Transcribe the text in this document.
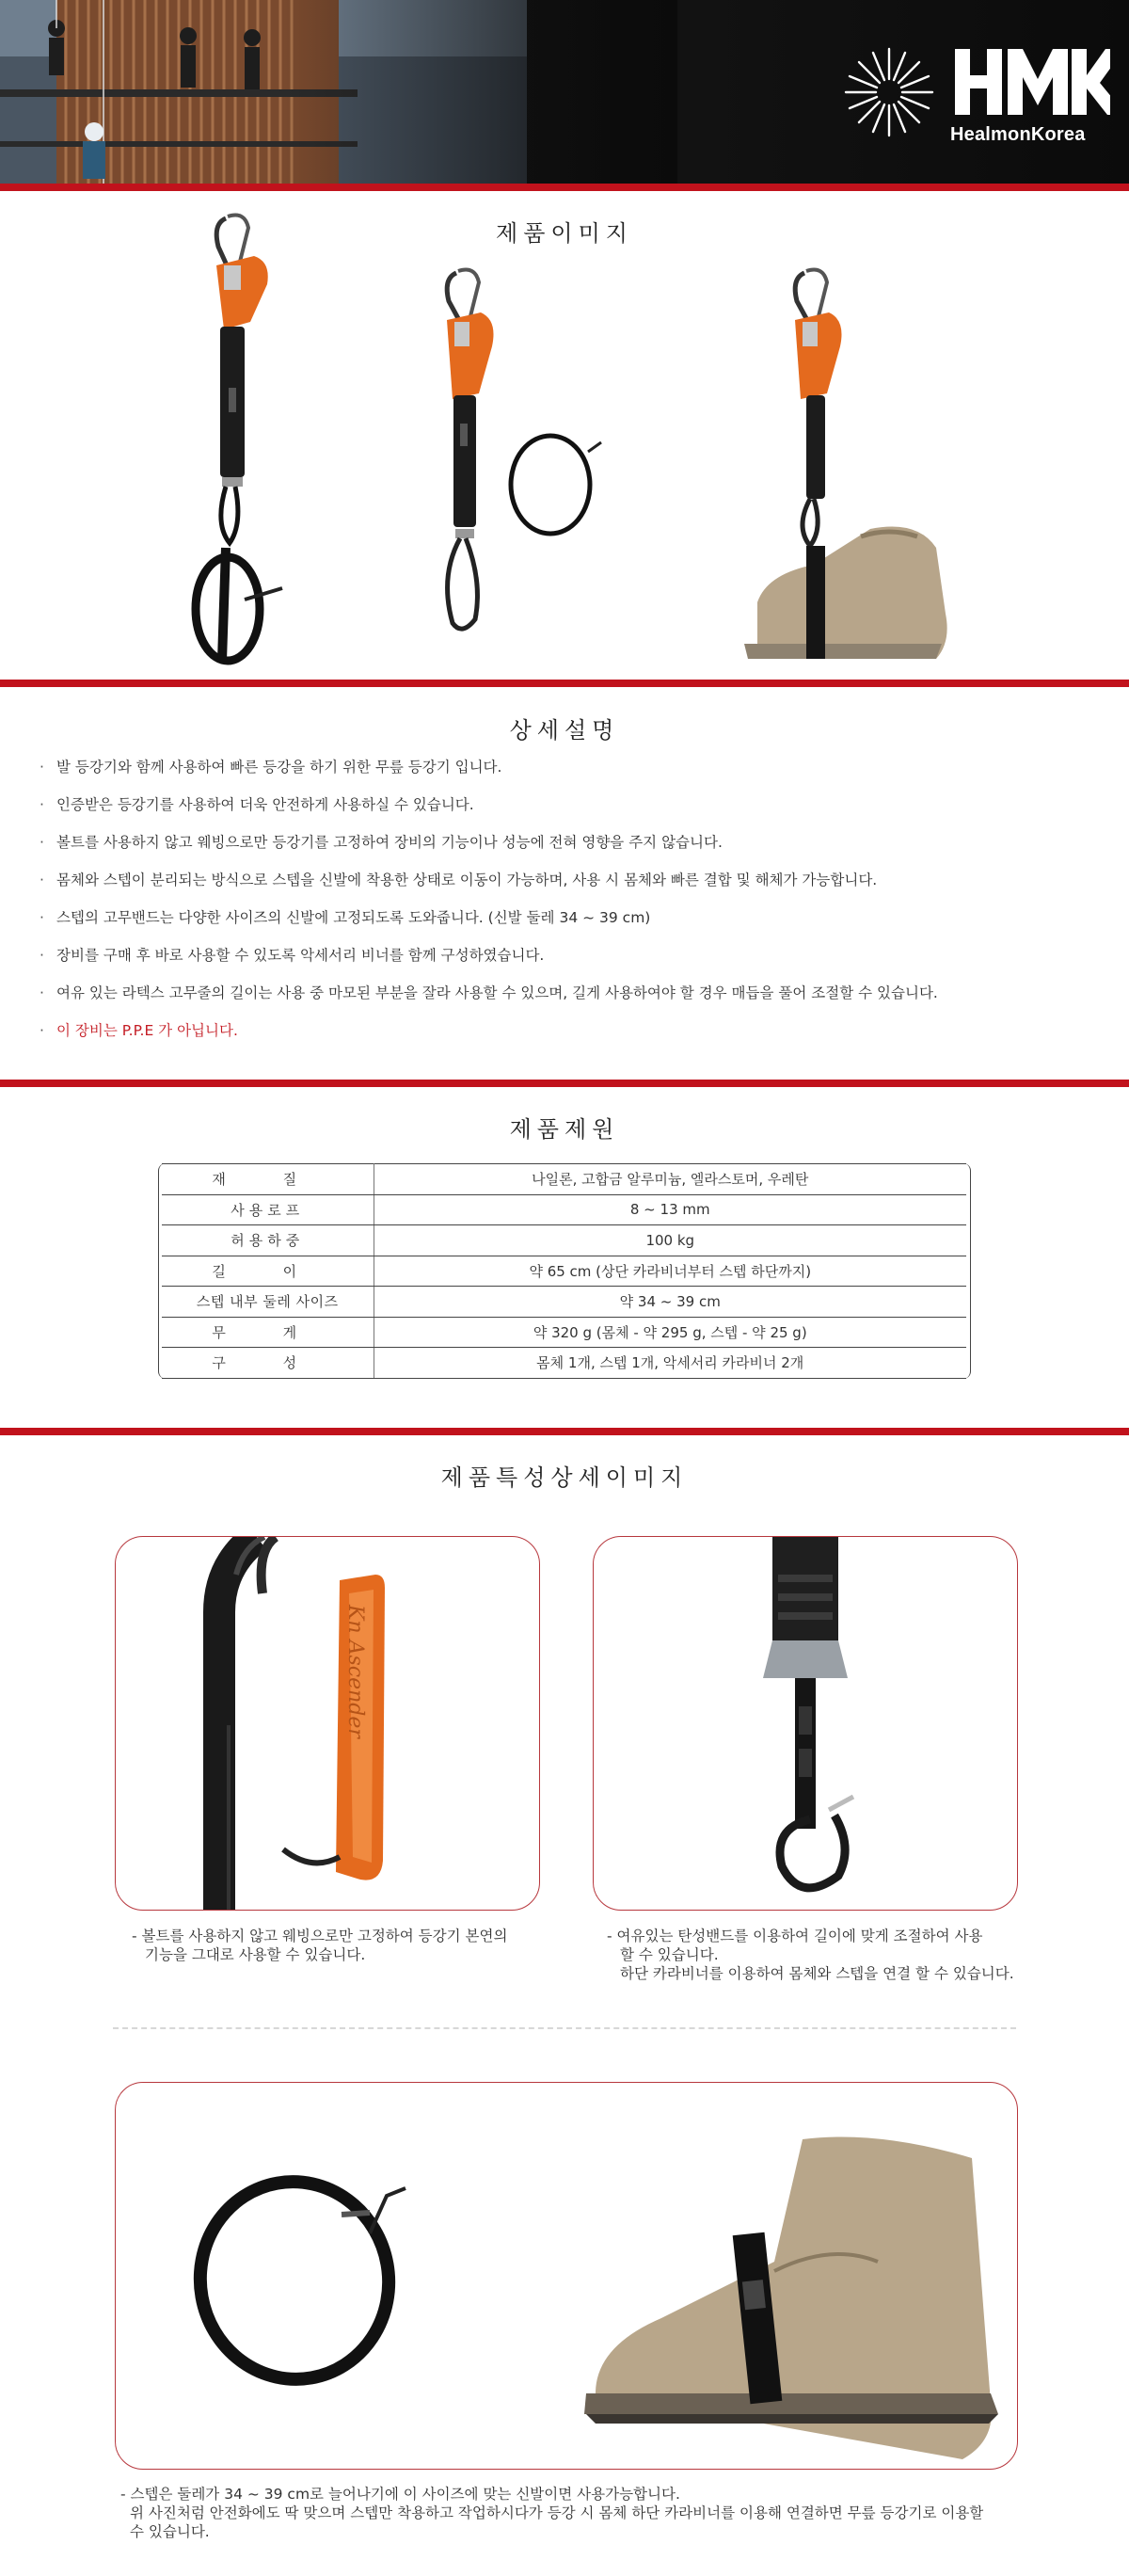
HealmonKorea
제품이미지
상세설명
· 발 등강기와 함께 사용하여 빠른 등강을 하기 위한 무릎 등강기 입니다.
· 인증받은 등강기를 사용하여 더욱 안전하게 사용하실 수 있습니다.
· 볼트를 사용하지 않고 웨빙으로만 등강기를 고정하여 장비의 기능이나 성능에 전혀 영향을 주지 않습니다.
· 몸체와 스텝이 분리되는 방식으로 스텝을 신발에 착용한 상태로 이동이 가능하며, 사용 시 몸체와 빠른 결합 및 해체가 가능합니다.
· 스텝의 고무밴드는 다양한 사이즈의 신발에 고정되도록 도와줍니다. (신발 둘레 34 ~ 39 cm)
· 장비를 구매 후 바로 사용할 수 있도록 악세서리 비너를 함께 구성하였습니다.
· 여유 있는 라텍스 고무줄의 길이는 사용 중 마모된 부분을 잘라 사용할 수 있으며, 길게 사용하여야 할 경우 매듭을 풀어 조절할 수 있습니다.
· 이 장비는 P.P.E 가 아닙니다.
제품제원
재 질	나일론, 고합금 알루미늄, 엘라스토머, 우레탄
사용로프	8 ~ 13 mm
허용하중	100 kg
길 이	약 65 cm (상단 카라비너부터 스텝 하단까지)
스텝 내부 둘레 사이즈	약 34 ~ 39 cm
무 게	약 320 g (몸체 - 약 295 g, 스텝 - 약 25 g)
구 성	몸체 1개, 스텝 1개, 악세서리 카라비너 2개
제품특성상세이미지
Kn Ascender
- 볼트를 사용하지 않고 웨빙으로만 고정하여 등강기 본연의
기능을 그대로 사용할 수 있습니다.
- 여유있는 탄성밴드를 이용하여 길이에 맞게 조절하여 사용
할 수 있습니다.
하단 카라비너를 이용하여 몸체와 스텝을 연결 할 수 있습니다.
- 스텝은 둘레가 34 ~ 39 cm로 늘어나기에 이 사이즈에 맞는 신발이면 사용가능합니다.
위 사진처럼 안전화에도 딱 맞으며 스텝만 착용하고 작업하시다가 등강 시 몸체 하단 카라비너를 이용해 연결하면 무릎 등강기로 이용할
수 있습니다.
